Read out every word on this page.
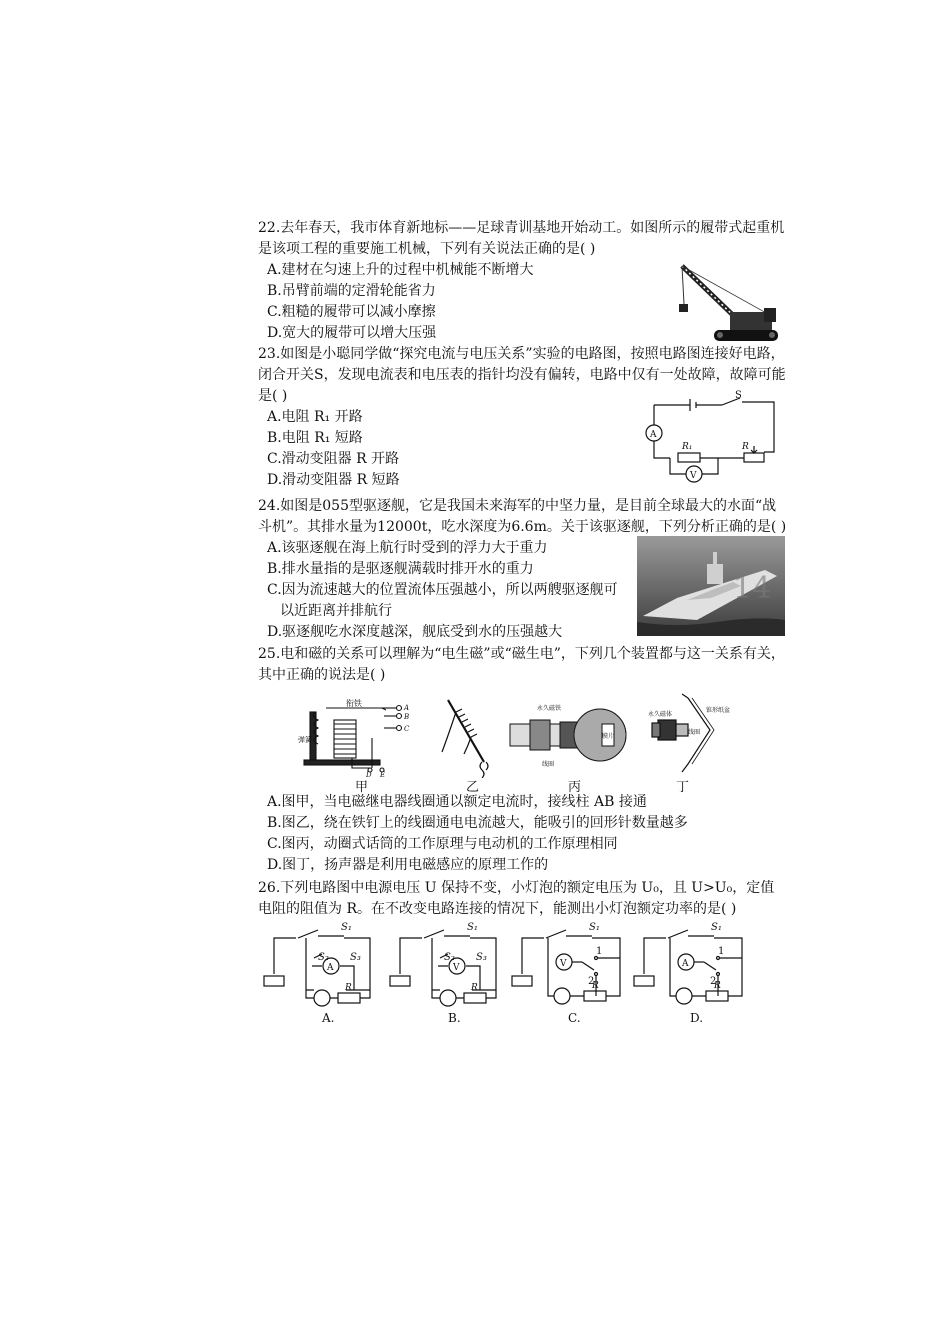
22.去年春天，我市体育新地标——足球青训基地开始动工。如图所示的履带式起重机是该项工程的重要施工机械，下列有关说法正确的是( )

A.建材在匀速上升的过程中机械能不断增大

B.吊臂前端的定滑轮能省力

C.粗糙的履带可以减小摩擦

D.宽大的履带可以增大压强

23.如图是小聪同学做“探究电流与电压关系”实验的电路图，按照电路图连接好电路，闭合开关S，发现电流表和电压表的指针均没有偏转，电路中仅有一处故障，故障可能是( )

A.电阻 R₁ 开路

B.电阻 R₁ 短路

C.滑动变阻器 R 开路

D.滑动变阻器 R 短路

S
A
R₁	R
V

24.如图是055型驱逐舰，它是我国未来海军的中坚力量，是目前全球最大的水面“战斗机”。其排水量为12000t，吃水深度为6.6m。关于该驱逐舰，下列分析正确的是( )

A.该驱逐舰在海上航行时受到的浮力大于重力

B.排水量指的是驱逐舰满载时排开水的重力

C.因为流速越大的位置流体压强越小，所以两艘驱逐舰可

以近距离并排航行

D.驱逐舰吃水深度越深，舰底受到水的压强越大

14

25.电和磁的关系可以理解为“电生磁”或“磁生电”，下列几个装置都与这一关系有关，其中正确的说法是( )

衔铁
弹簧
A
B
C
D E
永久磁铁
膜片
线圈
锥形纸盆
永久磁体
线圈
甲	乙	丙	丁

A.图甲，当电磁继电器线圈通以额定电流时，接线柱 AB 接通

B.图乙，绕在铁钉上的线圈通电电流越大，能吸引的回形针数量越多

C.图丙，动圈式话筒的工作原理与电动机的工作原理相同

D.图丁，扬声器是利用电磁感应的原理工作的

26.下列电路图中电源电压 U 保持不变，小灯泡的额定电压为 U₀，且 U>U₀，定值电阻的阻值为 R。在不改变电路连接的情况下，能测出小灯泡额定功率的是( )

S₁
S₂ S₃
A
R
A.
S₁
S₂ S₃
V
R
B.
S₁
V
1
2
R
C.
S₁
A
1
2
R
D.
